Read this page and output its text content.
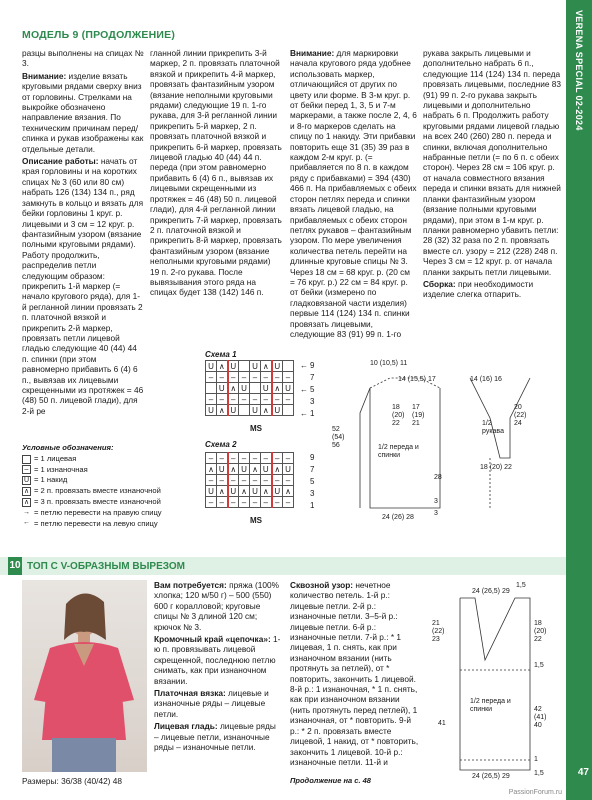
VERENA SPECIAL 02-2024
47
PassionForum.ru
МОДЕЛЬ 9 (ПРОДОЛЖЕНИЕ)

разцы выполнены на спицах № 3.

Внимание: изделие вязать круговыми рядами сверху вниз от горловины. Стрелками на выкройке обозначено направление вязания. По техническим причинам перед/спинка и рукав изображены как отдельные детали.

Описание работы: начать от края горловины и на коротких спицах № 3 (60 или 80 см) набрать 126 (134) 134 п., ряд замкнуть в кольцо и вязать для бейки горловины 1 круг. р. лицевыми и 3 см = 12 круг. р. фантазийным узором (вязание полными круговыми рядами). Работу продолжить, распределив петли следующим образом: прикрепить 1-й маркер (= начало кругового ряда), для 1-й регланной линии провязать 2 п. платочной вязкой и прикрепить 2-й маркер, провязать петли лицевой гладью следующие 40 (44) 44 п. спинки (при этом равномерно прибавить 6 (4) 6 п., вывязав их лицевыми скрещенными из протяжек = 46 (48) 50 п. лицевой глади), для 2-й ре

гланной линии прикрепить 3-й маркер, 2 п. провязать платочной вязкой и прикрепить 4-й маркер, провязать фантазийным узором (вязание неполными круговыми рядами) следующие 19 п. 1-го рукава, для 3-й регланной линии прикрепить 5-й маркер, 2 п. провязать платочной вязкой и прикрепить 6-й маркер, провязать лицевой гладью 40 (44) 44 п. переда (при этом равномерно прибавить 6 (4) 6 п., вывязав их лицевыми скрещенными из протяжек = 46 (48) 50 п. лицевой глади), для 4-й регланной линии прикрепить 7-й маркер, провязать 2 п. платочной вязкой и прикрепить 8-й маркер, провязать фантазийным узором (вязание неполными круговыми рядами) 19 п. 2-го рукава. После вывязывания этого ряда на спицах будет 138 (142) 146 п.

Внимание: для маркировки начала кругового ряда удобнее использовать маркер, отличающийся от других по цвету или форме. В 3-м круг. р. от бейки перед 1, 3, 5 и 7-м маркерами, а также после 2, 4, 6 и 8-го маркеров сделать на спицу по 1 накиду. Эти прибавки повторить еще 31 (35) 39 раз в каждом 2-м круг. р. (= прибавляется по 8 п. в каждом ряду с прибавками) = 394 (430) 466 п. На прибавляемых с обеих сторон петлях переда и спинки вязать лицевой гладью, на прибавляемых с обеих сторон петлях рукавов – фантазийным узором. По мере увеличения количества петель перейти на длинные круговые спицы № 3. Через 18 см = 68 круг. р. (20 см = 76 круг. р.) 22 см = 84 круг. р. от бейки (измерено по гладковязаной части изделия) первые 114 (124) 134 п. спинки провязать лицевыми, следующие 83 (91) 99 п. 1-го

рукава закрыть лицевыми и дополнительно набрать 6 п., следующие 114 (124) 134 п. переда провязать лицевыми, последние 83 (91) 99 п. 2-го рукава закрыть лицевыми и дополнительно набрать 6 п. Продолжить работу круговыми рядами лицевой гладью на всех 240 (260) 280 п. переда и спинки, включая дополнительно набранные петли (= по 6 п. с обеих сторон). Через 28 см = 106 круг. р. от начала совместного вязания переда и спинки вязать для нижней планки фантазийным узором (вязание полными круговыми рядами), при этом в 1-м круг. р. планки равномерно убавить петли: 28 (32) 32 раза по 2 п. провязать вместе сл. узору = 212 (228) 248 п. Через 3 см = 12 круг. р. от начала планки закрыть петли лицевыми.

Сборка: при необходимости изделие слегка отпарить.

Схема 1
U	∧	U		U	∧	U	
–	–	–	–	–	–	–	–
	U	∧	U		U	∧	U
–	–	–	–	–	–	–	–
U	∧	U		U	∧	U	
9
7
5
3
1
←
←
←
MS
Схема 2
–	–	–	–	–	–	–	–
∧	U	∧	U	∧	U	∧	U
–	–	–	–	–	–	–	–
U	∧	U	∧	U	∧	U	∧
–	–	–	–	–	–	–	–
9
7
5
3
1
MS
Условные обозначения:
= 1 лицевая
– = 1 изнаночная
U = 1 накид
∧ = 2 п. провязать вместе изнаночной
∧ = 3 п. провязать вместе изнаночной
→ = петлю перевести на правую спицу
← = петлю перевести на левую спицу
10 (10,5) 11
14 (15,5) 17	14 (16) 16
52 (54) 56
18 (20) 22
17 (19) 21
1/2 переда и спинки
1/2 рукава
18 (20) 22
20 (22) 24
28
3
24 (26) 28
3
10 ТОП С V-ОБРАЗНЫМ ВЫРЕЗОМ
Размеры: 36/38 (40/42) 48

Вам потребуется: пряжа (100% хлопка; 120 м/50 г) – 500 (550) 600 г коралловой; круговые спицы № 3 длиной 120 см; крючок № 3.

Кромочный край «цепочка»: 1-ю п. провязывать лицевой скрещенной, последнюю петлю снимать, как при изнаночном вязании.

Платочная вязка: лицевые и изнаночные ряды – лицевые петли.

Лицевая гладь: лицевые ряды – лицевые петли, изнаночные ряды – изнаночные петли.

Сквозной узор: нечетное количество петель. 1-й р.: лицевые петли. 2-й р.: изнаночные петли. 3–5-й р.: лицевые петли. 6-й р.: изнаночные петли. 7-й р.: * 1 лицевая, 1 п. снять, как при изнаночном вязании (нить протянуть за петлей), от * повторить, закончить 1 лицевой. 8-й р.: 1 изнаночная, * 1 п. снять, как при изнаночном вязании (нить протянуть перед петлей), 1 изнаночная, от * повторить. 9-й р.: * 2 п. провязать вместе лицевой, 1 накид, от * повторить, закончить 1 лицевой. 10-й р.: изнаночные петли. 11-й и

Продолжение на с. 48
1,5
24 (26,5) 29
21 (22) 23
18 (20) 22
1,5
1/2 переда и спинки
41
42 (41) 40
1
24 (26,5) 29	1,5
